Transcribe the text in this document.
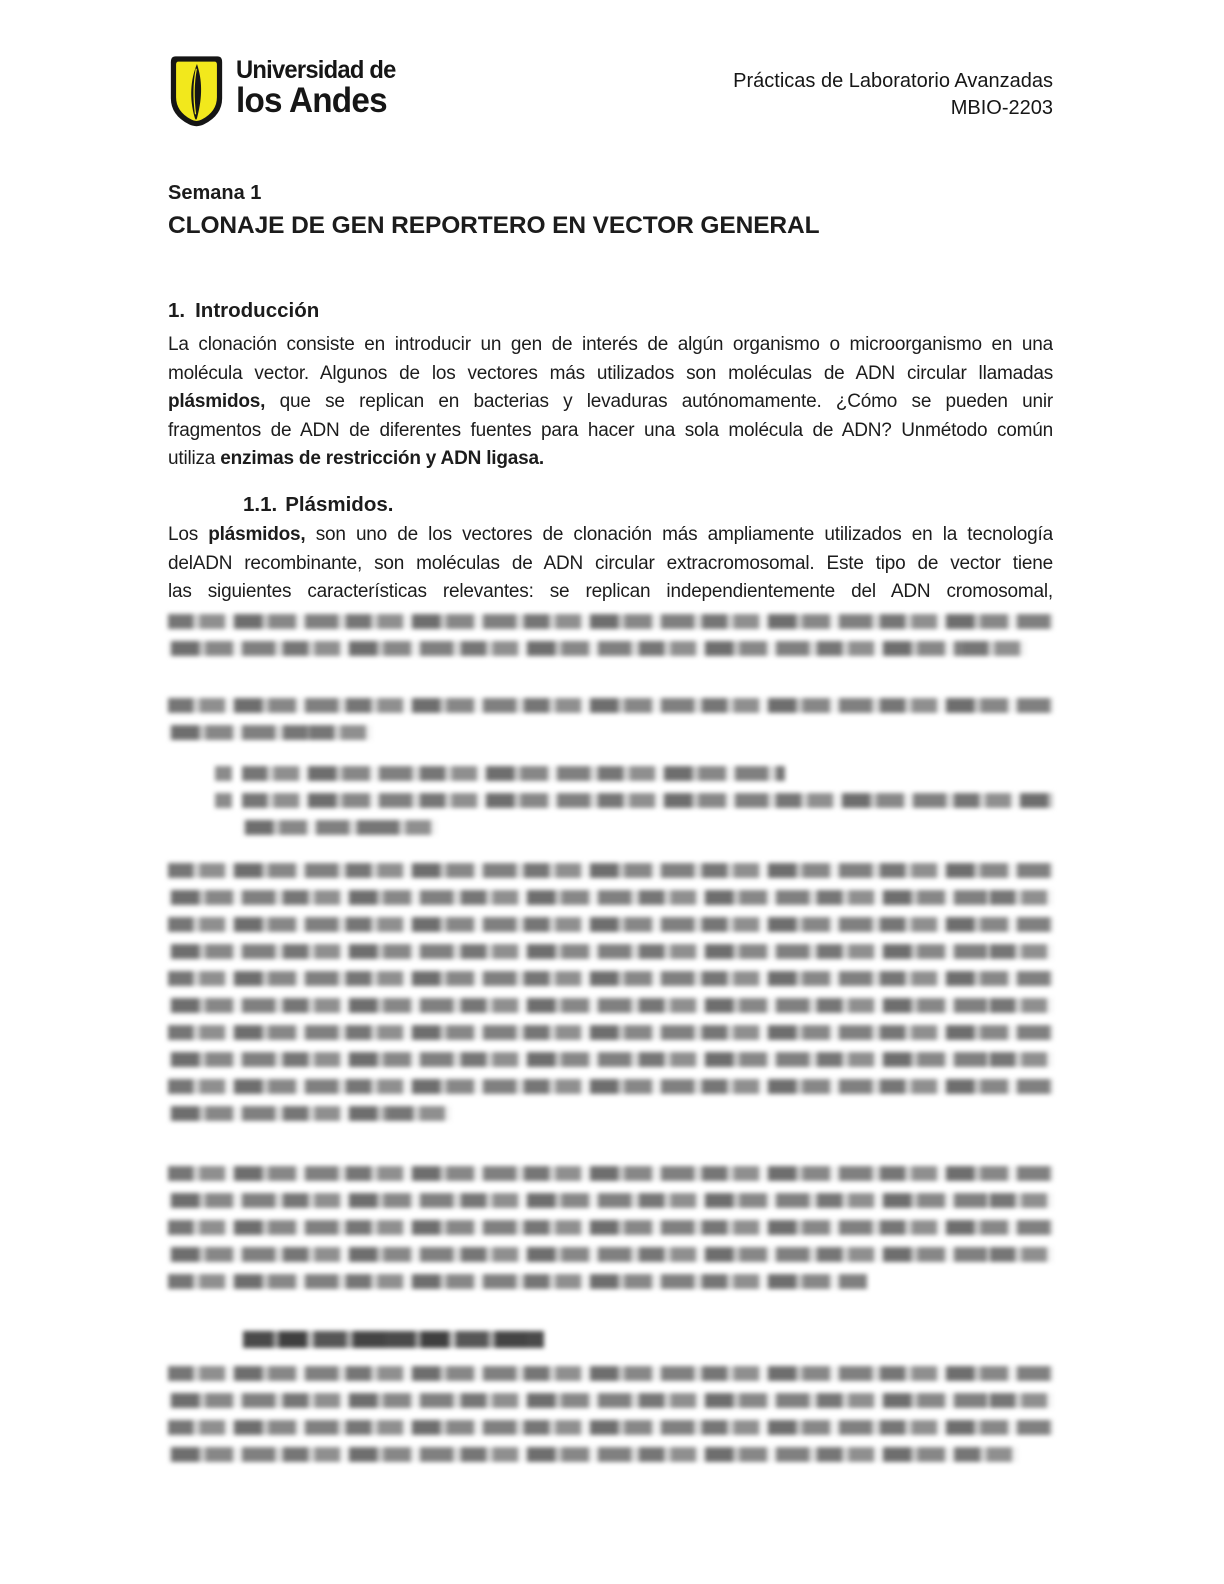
Universidad de
los Andes	Prácticas de Laboratorio Avanzadas
MBIO-2203
Semana 1
CLONAJE DE GEN REPORTERO EN VECTOR GENERAL
1. Introducción
La clonación consiste en introducir un gen de interés de algún organismo o microorganismo en una
molécula vector. Algunos de los vectores más utilizados son moléculas de ADN circular llamadas
plásmidos, que se replican en bacterias y levaduras autónomamente. ¿Cómo se pueden unir
fragmentos de ADN de diferentes fuentes para hacer una sola molécula de ADN? Unmétodo común
utiliza enzimas de restricción y ADN ligasa.
1.1. Plásmidos.
Los plásmidos, son uno de los vectores de clonación más ampliamente utilizados en la tecnología
delADN recombinante, son moléculas de ADN circular extracromosomal. Este tipo de vector tiene
las siguientes características relevantes: se replican independientemente del ADN cromosomal,
